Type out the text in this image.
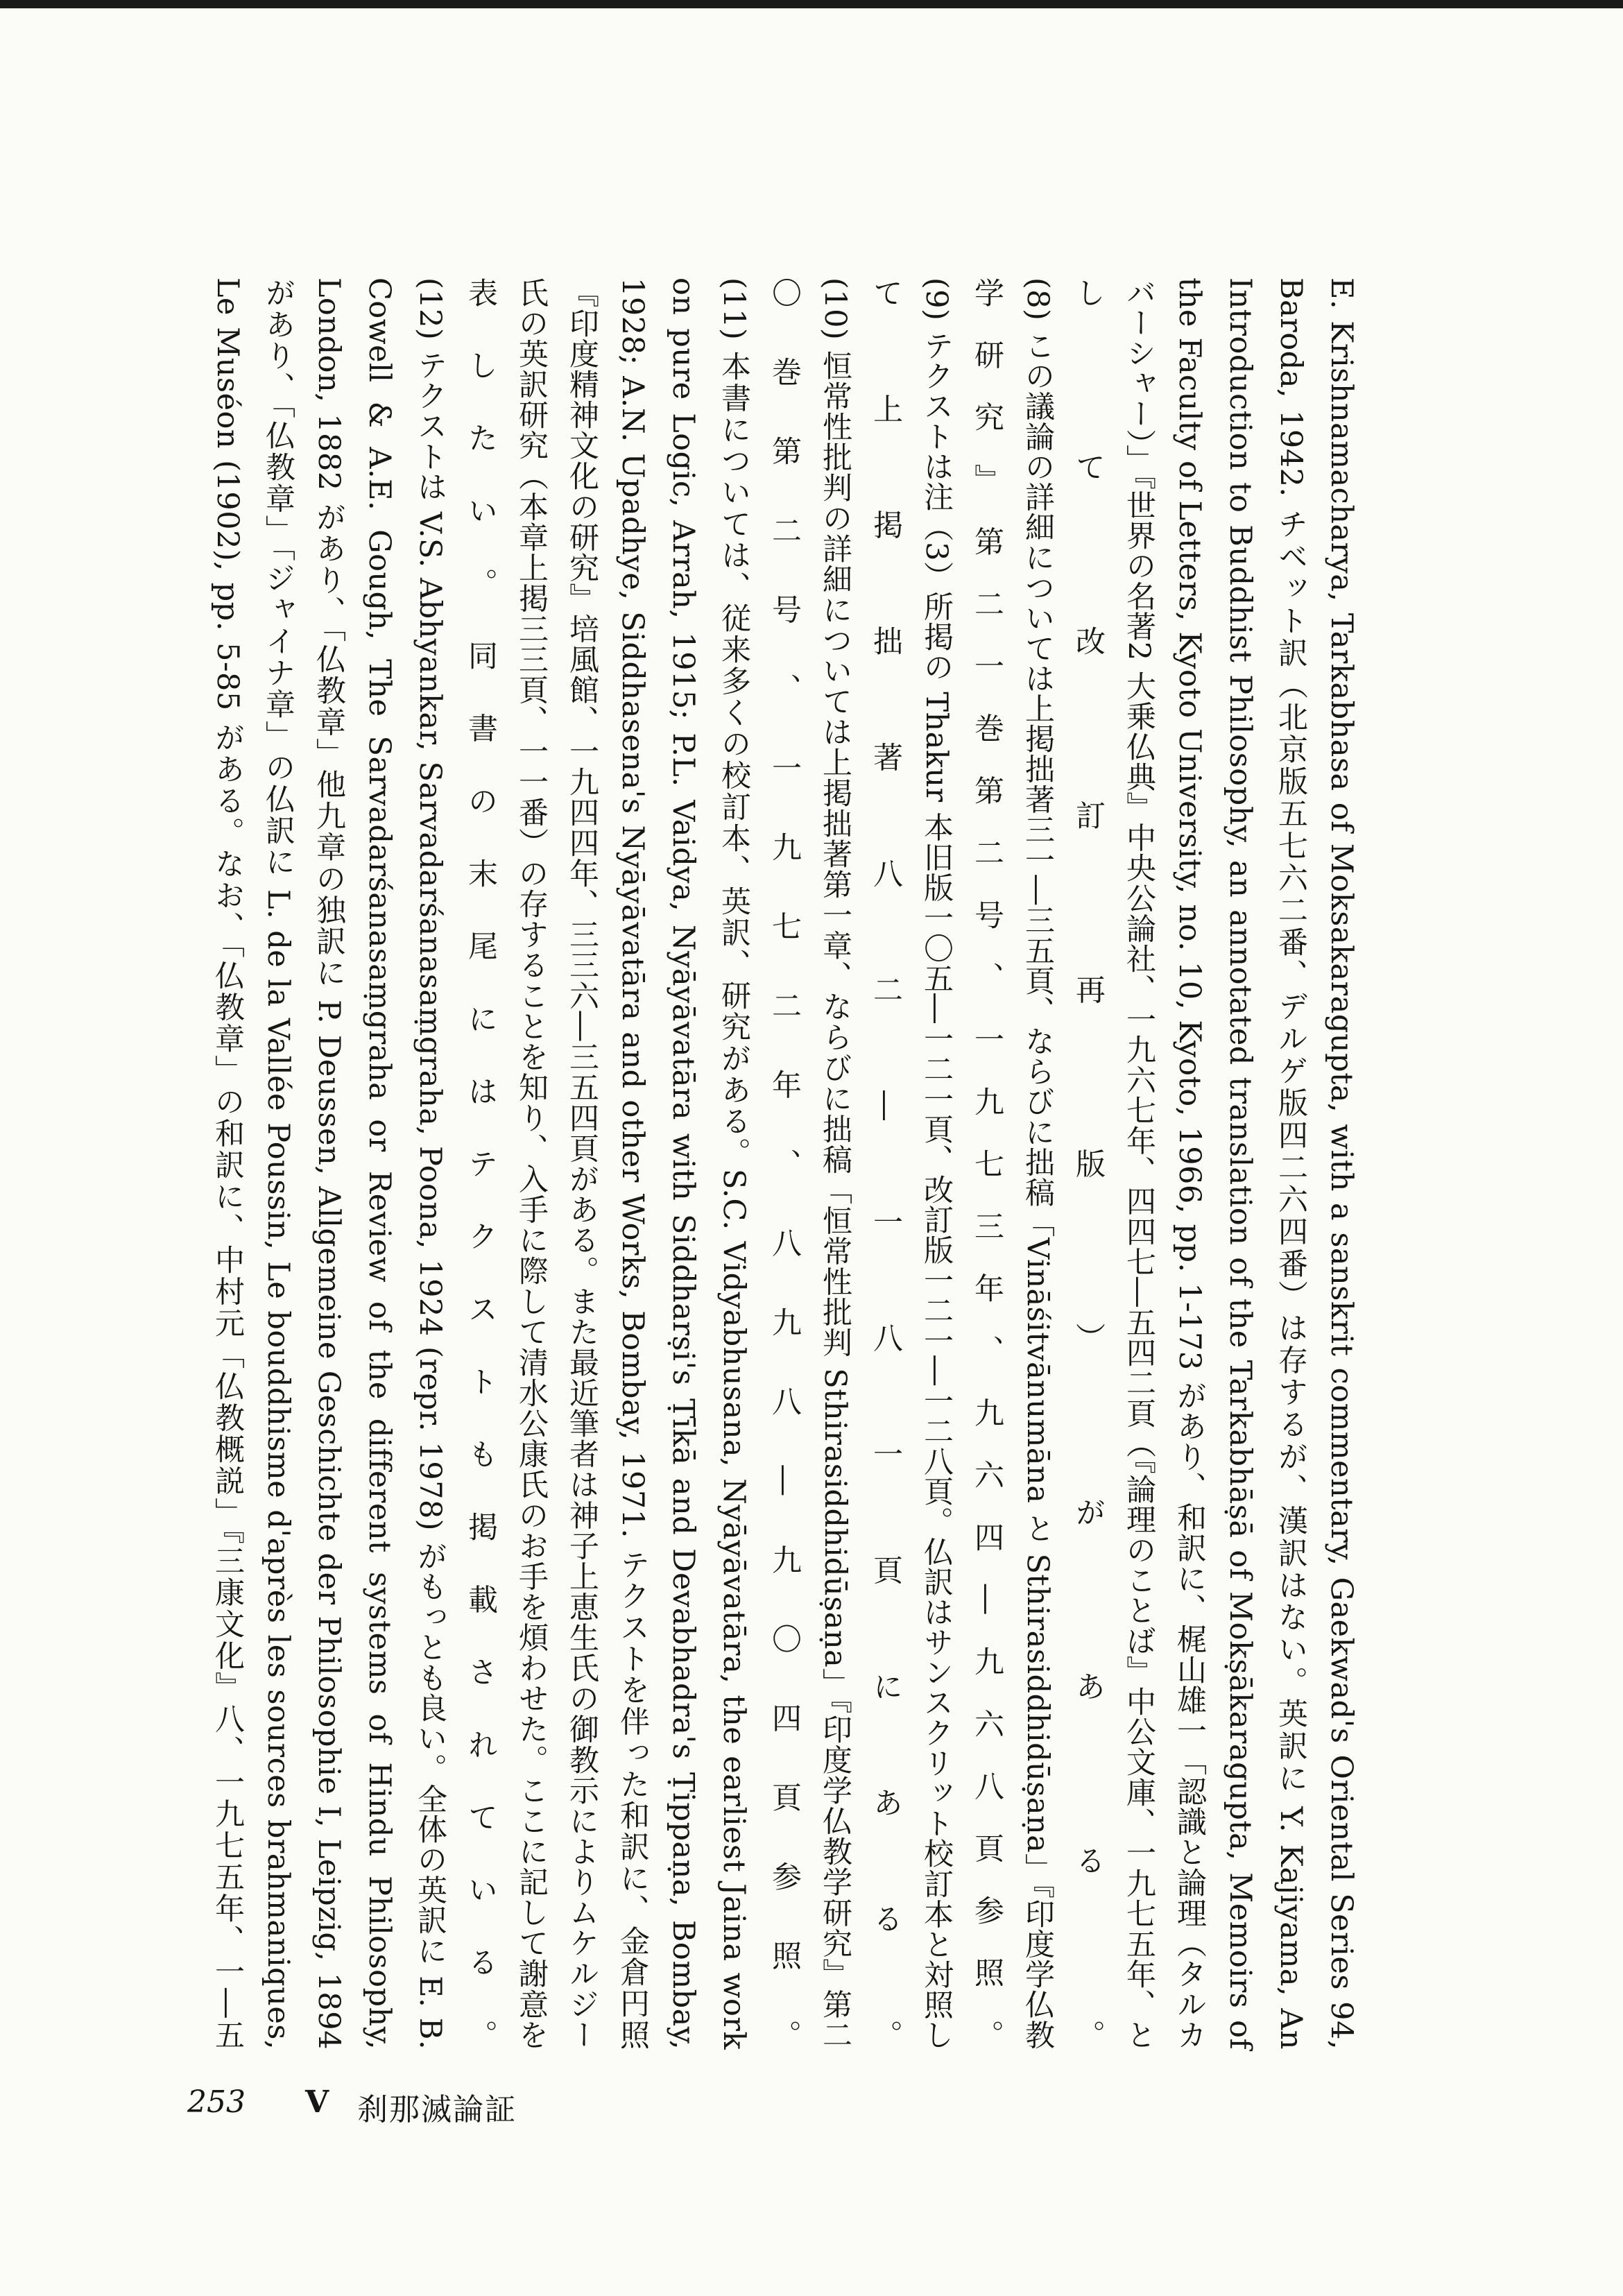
E. Krishnamacharya, Tarkabhasa of Moksakaragupta, with a sanskrit commentary, Gaekwad's Oriental Series 94, Baroda, 1942. チベット訳（北京版五七六二番、デルゲ版四二六四番）は存するが、漢訳はない。英訳に Y. Kajiyama, An Introduction to Buddhist Philosophy, an annotated translation of the Tarkabhāṣā of Mokṣākaragupta, Memoirs of the Faculty of Letters, Kyoto University, no. 10, Kyoto, 1966, pp. 1-173 があり、和訳に、梶山雄一「認識と論理（タルカバーシャー）」『世界の名著2 大乗仏典』中央公論社、一九六七年、四四七―五四二頁（『論理のことば』中公文庫、一九七五年、として改訂再版）がある。

(8) この議論の詳細については上掲拙著三一―三五頁、ならびに拙稿「Vināśitvānumāna と Sthirasiddhidūṣaṇa」『印度学仏教学研究』第二一巻第二号、一九七三年、九六四―九六八頁参照。

(9) テクストは注（3）所掲の Thakur 本旧版一〇五―一二一頁、改訂版一二一―一二八頁。仏訳はサンスクリット校訂本と対照して上掲拙著八二―一八一頁にある。

(10) 恒常性批判の詳細については上掲拙著第一章、ならびに拙稿「恒常性批判 Sthirasiddhidūṣaṇa」『印度学仏教学研究』第二〇巻第二号、一九七二年、八九八―九〇四頁参照。

(11) 本書については、従来多くの校訂本、英訳、研究がある。S.C. Vidyabhusana, Nyāyāvatāra, the earliest Jaina work on pure Logic, Arrah, 1915; P.L. Vaidya, Nyāyāvatāra with Siddharṣi's Ṭīkā and Devabhadra's Ṭippaṇa, Bombay, 1928; A.N. Upadhye, Siddhasena's Nyāyāvatāra and other Works, Bombay, 1971. テクストを伴った和訳に、金倉円照『印度精神文化の研究』培風館、一九四四年、三三六―三五四頁がある。また最近筆者は神子上恵生氏の御教示によりムケルジー氏の英訳研究（本章上掲三三頁、一一番）の存することを知り、入手に際して清水公康氏のお手を煩わせた。ここに記して謝意を表したい。同書の末尾にはテクストも掲載されている。

(12) テクストは V.S. Abhyankar, Sarvadarśanasaṃgraha, Poona, 1924 (repr. 1978) がもっとも良い。全体の英訳に E. B. Cowell & A.E. Gough, The Sarvadarśanasaṃgraha or Review of the different systems of Hindu Philosophy, London, 1882 があり、「仏教章」他九章の独訳に P. Deussen, Allgemeine Geschichte der Philosophie I, Leipzig, 1894 があり、「仏教章」「ジャイナ章」の仏訳に L. de la Vallée Poussin, Le bouddhisme d'après les sources brahmaniques, Le Muséon (1902), pp. 5-85 がある。なお、「仏教章」の和訳に、中村元「仏教概説」『三康文化』八、一九七五年、一―五

253 V 刹那滅論証
